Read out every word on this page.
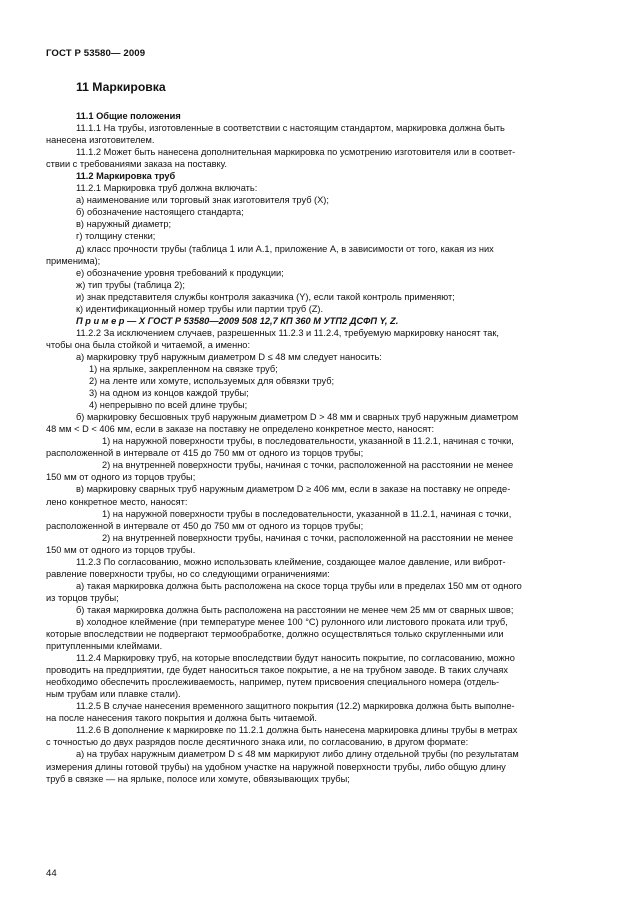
ГОСТ Р 53580— 2009
11 Маркировка
11.1 Общие положения
11.1.1 На трубы, изготовленные в соответствии с настоящим стандартом, маркировка должна быть
нанесена изготовителем.
11.1.2 Может быть нанесена дополнительная маркировка по усмотрению изготовителя или в соответ-
ствии с требованиями заказа на поставку.
11.2 Маркировка труб
11.2.1 Маркировка труб должна включать:
а) наименование или торговый знак изготовителя труб (X);
б) обозначение настоящего стандарта;
в) наружный диаметр;
г) толщину стенки;
д) класс прочности трубы (таблица 1 или А.1, приложение А, в зависимости от того, какая из них
применима);
е) обозначение уровня требований к продукции;
ж) тип трубы (таблица 2);
и) знак представителя службы контроля заказчика (Y), если такой контроль применяют;
к) идентификационный номер трубы или партии труб (Z).
П р и м е р — X ГОСТ Р 53580—2009 508 12,7 КП 360 М УТП2 ДСФП Y, Z.
11.2.2 За исключением случаев, разрешенных 11.2.3 и 11.2.4, требуемую маркировку наносят так,
чтобы она была стойкой и читаемой, а именно:
а) маркировку труб наружным диаметром D ≤ 48 мм следует наносить:
1) на ярлыке, закрепленном на связке труб;
2) на ленте или хомуте, используемых для обвязки труб;
3) на одном из концов каждой трубы;
4) непрерывно по всей длине трубы;
б) маркировку бесшовных труб наружным диаметром D > 48 мм и сварных труб наружным диаметром
48 мм < D < 406 мм, если в заказе на поставку не определено конкретное место, наносят:
1) на наружной поверхности трубы, в последовательности, указанной в 11.2.1, начиная с точки,
расположенной в интервале от 415 до 750 мм от одного из торцов трубы;
2) на внутренней поверхности трубы, начиная с точки, расположенной на расстоянии не менее
150 мм от одного из торцов трубы;
в) маркировку сварных труб наружным диаметром D ≥ 406 мм, если в заказе на поставку не опреде-
лено конкретное место, наносят:
1) на наружной поверхности трубы в последовательности, указанной в 11.2.1, начиная с точки,
расположенной в интервале от 450 до 750 мм от одного из торцов трубы;
2) на внутренней поверхности трубы, начиная с точки, расположенной на расстоянии не менее
150 мм от одного из торцов трубы.
11.2.3 По согласованию, можно использовать клеймение, создающее малое давление, или виброт-
равление поверхности трубы, но со следующими ограничениями:
а) такая маркировка должна быть расположена на скосе торца трубы или в пределах 150 мм от одного
из торцов трубы;
б) такая маркировка должна быть расположена на расстоянии не менее чем 25 мм от сварных швов;
в) холодное клеймение (при температуре менее 100 °С) рулонного или листового проката или труб,
которые впоследствии не подвергают термообработке, должно осуществляться только скругленными или
притупленными клеймами.
11.2.4 Маркировку труб, на которые впоследствии будут наносить покрытие, по согласованию, можно
проводить на предприятии, где будет наноситься такое покрытие, а не на трубном заводе. В таких случаях
необходимо обеспечить прослеживаемость, например, путем присвоения специального номера (отдель-
ным трубам или плавке стали).
11.2.5 В случае нанесения временного защитного покрытия (12.2) маркировка должна быть выполне-
на после нанесения такого покрытия и должна быть читаемой.
11.2.6 В дополнение к маркировке по 11.2.1 должна быть нанесена маркировка длины трубы в метрах
с точностью до двух разрядов после десятичного знака или, по согласованию, в другом формате:
а) на трубах наружным диаметром D ≤ 48 мм маркируют либо длину отдельной трубы (по результатам
измерения длины готовой трубы) на удобном участке на наружной поверхности трубы, либо общую длину
труб в связке — на ярлыке, полосе или хомуте, обвязывающих трубы;
44
